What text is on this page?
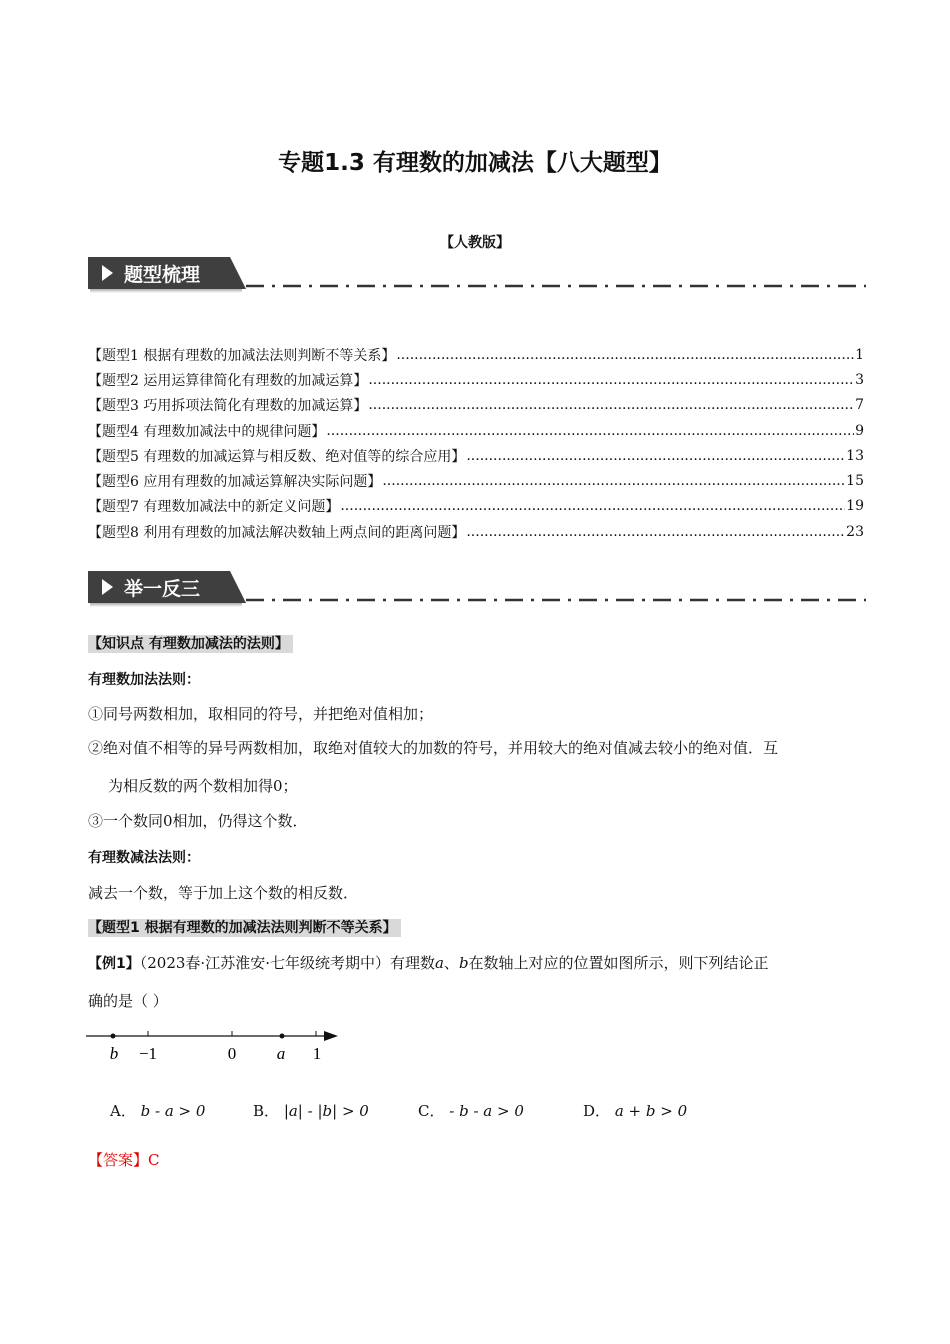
专题1.3 有理数的加减法【八大题型】
【人教版】
题型梳理
【题型1 根据有理数的加减法法则判断不等关系】 .....	1
【题型2 运用运算律简化有理数的加减运算】 .....	3
【题型3 巧用拆项法简化有理数的加减运算】 .....	7
【题型4 有理数加减法中的规律问题】 .....	9
【题型5 有理数的加减运算与相反数、绝对值等的综合应用】 .....	13
【题型6 应用有理数的加减运算解决实际问题】 .....	15
【题型7 有理数加减法中的新定义问题】 .....	19
【题型8 利用有理数的加减法解决数轴上两点间的距离问题】 .....	23
举一反三
【知识点 有理数加减法的法则】
有理数加法法则：
①同号两数相加，取相同的符号，并把绝对值相加；
②绝对值不相等的异号两数相加，取绝对值较大的加数的符号，并用较大的绝对值减去较小的绝对值．互
为相反数的两个数相加得0；
③一个数同0相加，仍得这个数．
有理数减法法则：
减去一个数，等于加上这个数的相反数．
【题型1 根据有理数的加减法法则判断不等关系】
【例1】（2023春·江苏淮安·七年级统考期中）有理数a、b在数轴上对应的位置如图所示，则下列结论正
确的是（ ）
b −1	0 a 1
A． b - a > 0	B． |a| - |b| > 0	C． - b - a > 0	D． a + b > 0
【答案】C
